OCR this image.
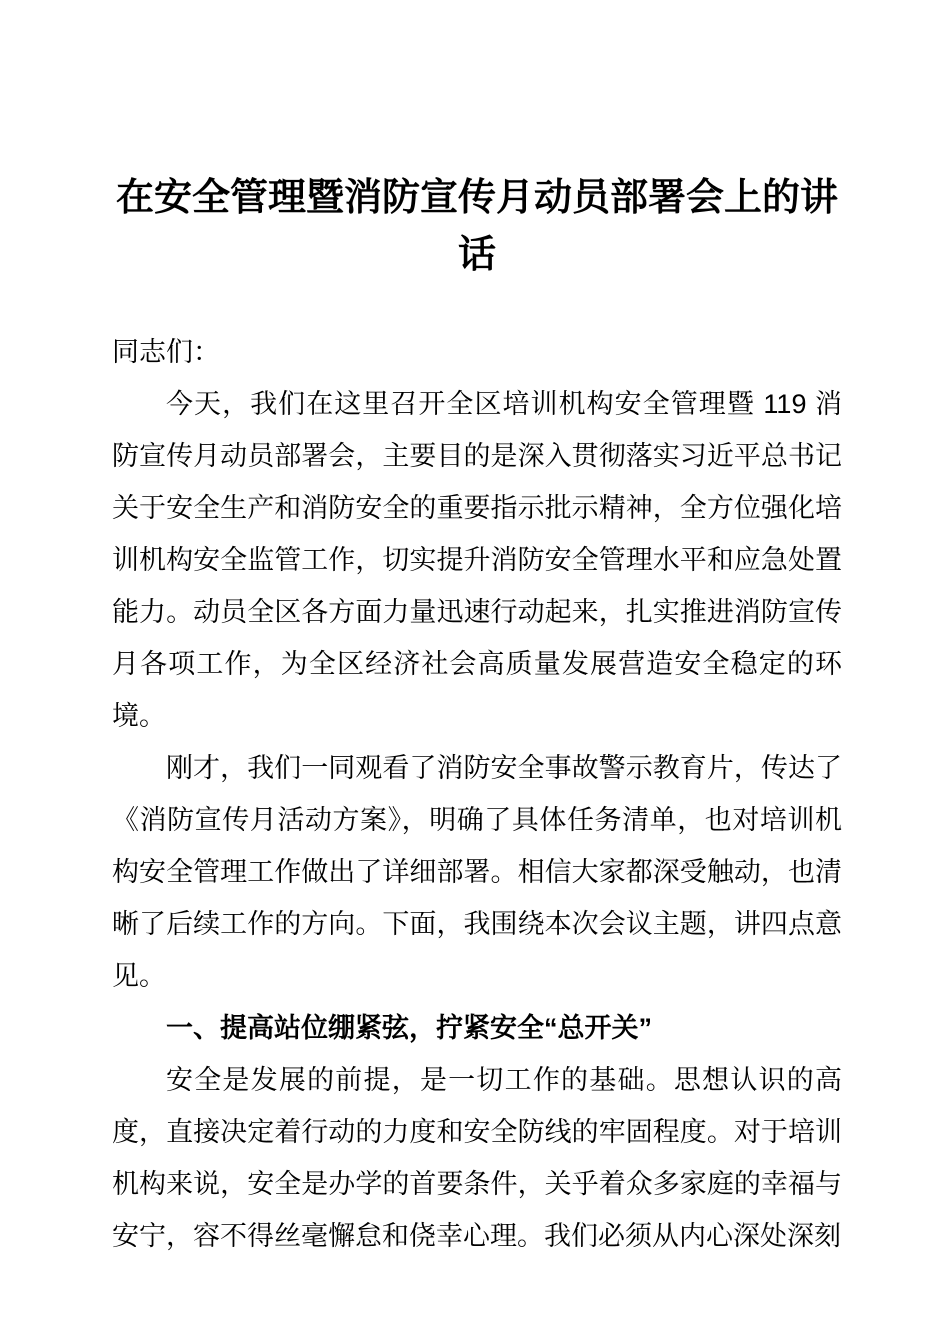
在安全管理暨消防宣传月动员部署会上的讲话

同志们：

今天，我们在这里召开全区培训机构安全管理暨 119 消防宣传月动员部署会，主要目的是深入贯彻落实习近平总书记关于安全生产和消防安全的重要指示批示精神，全方位强化培训机构安全监管工作，切实提升消防安全管理水平和应急处置能力。动员全区各方面力量迅速行动起来，扎实推进消防宣传月各项工作，为全区经济社会高质量发展营造安全稳定的环境。

刚才，我们一同观看了消防安全事故警示教育片，传达了《消防宣传月活动方案》，明确了具体任务清单，也对培训机构安全管理工作做出了详细部署。相信大家都深受触动，也清晰了后续工作的方向。下面，我围绕本次会议主题，讲四点意见。

一、提高站位绷紧弦，拧紧安全“总开关”

安全是发展的前提，是一切工作的基础。思想认识的高度，直接决定着行动的力度和安全防线的牢固程度。对于培训机构来说，安全是办学的首要条件，关乎着众多家庭的幸福与安宁，容不得丝毫懈怠和侥幸心理。我们必须从内心深处深刻
